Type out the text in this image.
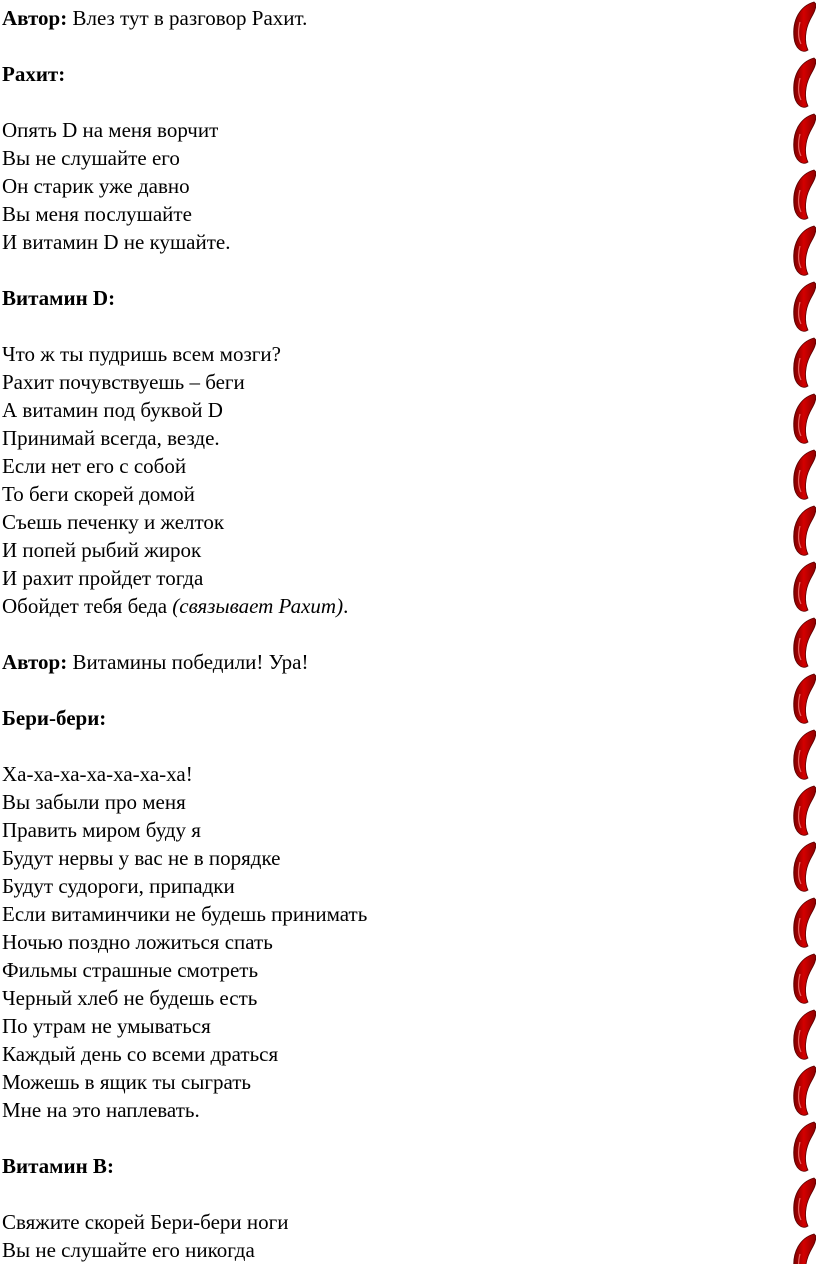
Автор: Влез тут в разговор Рахит.
Рахит:
Опять D на меня ворчит
Вы не слушайте его
Он старик уже давно
Вы меня послушайте
И витамин D не кушайте.
Витамин D:
Что ж ты пудришь всем мозги?
Рахит почувствуешь – беги
А витамин под буквой D
Принимай всегда, везде.
Если нет его с собой
То беги скорей домой
Съешь печенку и желток
И попей рыбий жирок
И рахит пройдет тогда
Обойдет тебя беда (связывает Рахит).
Автор: Витамины победили! Ура!
Бери-бери:
Ха-ха-ха-ха-ха-ха-ха!
Вы забыли про меня
Править миром буду я
Будут нервы у вас не в порядке
Будут судороги, припадки
Если витаминчики не будешь принимать
Ночью поздно ложиться спать
Фильмы страшные смотреть
Черный хлеб не будешь есть
По утрам не умываться
Каждый день со всеми драться
Можешь в ящик ты сыграть
Мне на это наплевать.
Витамин В:
Свяжите скорей Бери-бери ноги
Вы не слушайте его никогда
